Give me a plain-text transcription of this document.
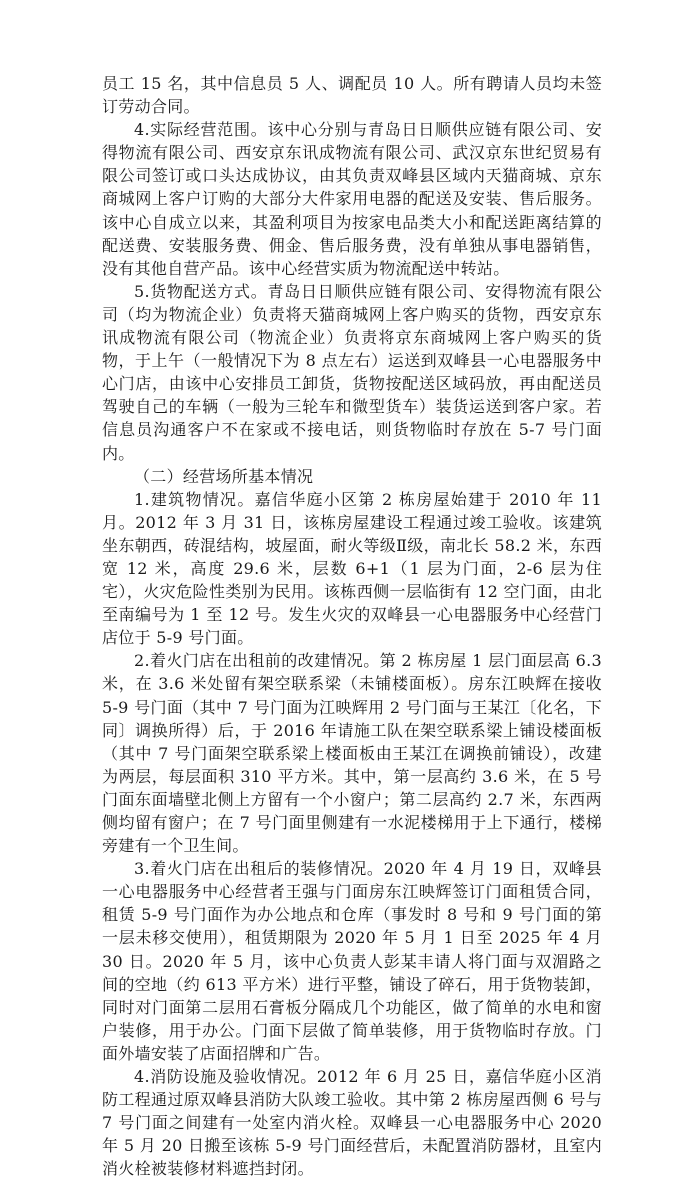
员工 15 名，其中信息员 5 人、调配员 10 人。所有聘请人员均未签订劳动合同。

4.实际经营范围。该中心分别与青岛日日顺供应链有限公司、安得物流有限公司、西安京东讯成物流有限公司、武汉京东世纪贸易有限公司签订或口头达成协议，由其负责双峰县区域内天猫商城、京东商城网上客户订购的大部分大件家用电器的配送及安装、售后服务。该中心自成立以来，其盈利项目为按家电品类大小和配送距离结算的配送费、安装服务费、佣金、售后服务费，没有单独从事电器销售，没有其他自营产品。该中心经营实质为物流配送中转站。

5.货物配送方式。青岛日日顺供应链有限公司、安得物流有限公司（均为物流企业）负责将天猫商城网上客户购买的货物，西安京东讯成物流有限公司（物流企业）负责将京东商城网上客户购买的货物，于上午（一般情况下为 8 点左右）运送到双峰县一心电器服务中心门店，由该中心安排员工卸货，货物按配送区域码放，再由配送员驾驶自己的车辆（一般为三轮车和微型货车）装货运送到客户家。若信息员沟通客户不在家或不接电话，则货物临时存放在 5-7 号门面内。

（二）经营场所基本情况

1.建筑物情况。嘉信华庭小区第 2 栋房屋始建于 2010 年 11 月。2012 年 3 月 31 日，该栋房屋建设工程通过竣工验收。该建筑坐东朝西，砖混结构，坡屋面，耐火等级Ⅱ级，南北长 58.2 米，东西宽 12 米，高度 29.6 米，层数 6+1（1 层为门面，2-6 层为住宅），火灾危险性类别为民用。该栋西侧一层临街有 12 空门面，由北至南编号为 1 至 12 号。发生火灾的双峰县一心电器服务中心经营门店位于 5-9 号门面。

2.着火门店在出租前的改建情况。第 2 栋房屋 1 层门面层高 6.3 米，在 3.6 米处留有架空联系梁（未铺楼面板）。房东江映辉在接收 5-9 号门面（其中 7 号门面为江映辉用 2 号门面与王某江〔化名，下同〕调换所得）后，于 2016 年请施工队在架空联系梁上铺设楼面板（其中 7 号门面架空联系梁上楼面板由王某江在调换前铺设），改建为两层，每层面积 310 平方米。其中，第一层高约 3.6 米，在 5 号门面东面墙壁北侧上方留有一个小窗户；第二层高约 2.7 米，东西两侧均留有窗户；在 7 号门面里侧建有一水泥楼梯用于上下通行，楼梯旁建有一个卫生间。

3.着火门店在出租后的装修情况。2020 年 4 月 19 日，双峰县一心电器服务中心经营者王强与门面房东江映辉签订门面租赁合同，租赁 5-9 号门面作为办公地点和仓库（事发时 8 号和 9 号门面的第一层未移交使用），租赁期限为 2020 年 5 月 1 日至 2025 年 4 月 30 日。2020 年 5 月，该中心负责人彭某丰请人将门面与双湄路之间的空地（约 613 平方米）进行平整，铺设了碎石，用于货物装卸，同时对门面第二层用石膏板分隔成几个功能区，做了简单的水电和窗户装修，用于办公。门面下层做了简单装修，用于货物临时存放。门面外墙安装了店面招牌和广告。

4.消防设施及验收情况。2012 年 6 月 25 日，嘉信华庭小区消防工程通过原双峰县消防大队竣工验收。其中第 2 栋房屋西侧 6 号与 7 号门面之间建有一处室内消火栓。双峰县一心电器服务中心 2020 年 5 月 20 日搬至该栋 5-9 号门面经营后，未配置消防器材，且室内消火栓被装修材料遮挡封闭。
